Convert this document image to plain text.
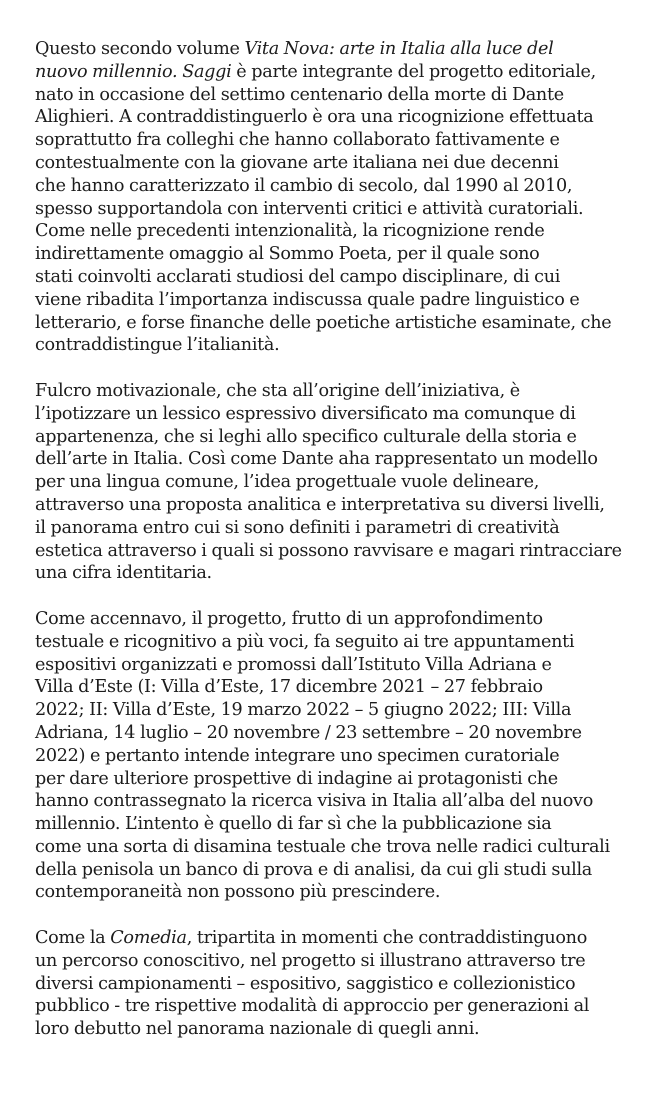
Questo secondo volume Vita Nova: arte in Italia alla luce del
nuovo millennio. Saggi è parte integrante del progetto editoriale,
nato in occasione del settimo centenario della morte di Dante
Alighieri. A contraddistinguerlo è ora una ricognizione effettuata
soprattutto fra colleghi che hanno collaborato fattivamente e
contestualmente con la giovane arte italiana nei due decenni
che hanno caratterizzato il cambio di secolo, dal 1990 al 2010,
spesso supportandola con interventi critici e attività curatoriali.
Come nelle precedenti intenzionalità, la ricognizione rende
indirettamente omaggio al Sommo Poeta, per il quale sono
stati coinvolti acclarati studiosi del campo disciplinare, di cui
viene ribadita l’importanza indiscussa quale padre linguistico e
letterario, e forse finanche delle poetiche artistiche esaminate, che
contraddistingue l’italianità.

Fulcro motivazionale, che sta all’origine dell’iniziativa, è
l’ipotizzare un lessico espressivo diversificato ma comunque di
appartenenza, che si leghi allo specifico culturale della storia e
dell’arte in Italia. Così come Dante aha rappresentato un modello
per una lingua comune, l’idea progettuale vuole delineare,
attraverso una proposta analitica e interpretativa su diversi livelli,
il panorama entro cui si sono definiti i parametri di creatività
estetica attraverso i quali si possono ravvisare e magari rintracciare
una cifra identitaria.

Come accennavo, il progetto, frutto di un approfondimento
testuale e ricognitivo a più voci, fa seguito ai tre appuntamenti
espositivi organizzati e promossi dall’Istituto Villa Adriana e
Villa d’Este (I: Villa d’Este, 17 dicembre 2021 – 27 febbraio
2022; II: Villa d’Este, 19 marzo 2022 – 5 giugno 2022; III: Villa
Adriana, 14 luglio – 20 novembre / 23 settembre – 20 novembre
2022) e pertanto intende integrare uno specimen curatoriale
per dare ulteriore prospettive di indagine ai protagonisti che
hanno contrassegnato la ricerca visiva in Italia all’alba del nuovo
millennio. L’intento è quello di far sì che la pubblicazione sia
come una sorta di disamina testuale che trova nelle radici culturali
della penisola un banco di prova e di analisi, da cui gli studi sulla
contemporaneità non possono più prescindere.

Come la Comedia, tripartita in momenti che contraddistinguono
un percorso conoscitivo, nel progetto si illustrano attraverso tre
diversi campionamenti – espositivo, saggistico e collezionistico
pubblico - tre rispettive modalità di approccio per generazioni al
loro debutto nel panorama nazionale di quegli anni.
